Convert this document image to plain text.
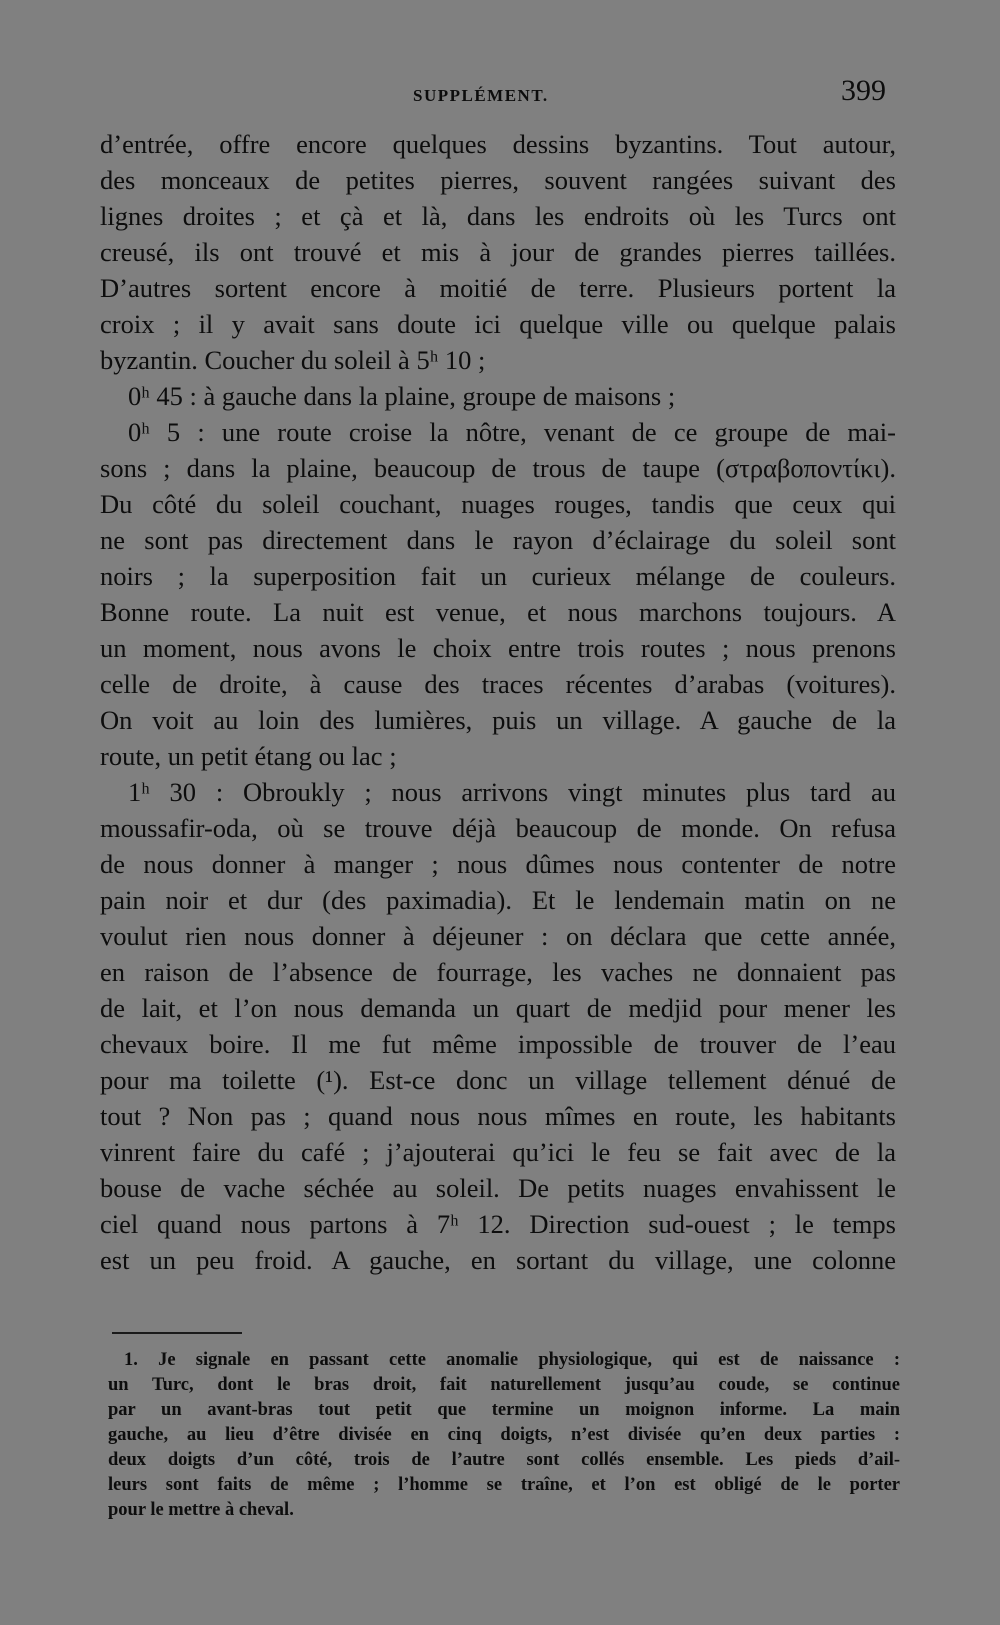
SUPPLÉMENT.	399
d’entrée, offre encore quelques dessins byzantins. Tout autour,
des monceaux de petites pierres, souvent rangées suivant des
lignes droites ; et çà et là, dans les endroits où les Turcs ont
creusé, ils ont trouvé et mis à jour de grandes pierres taillées.
D’autres sortent encore à moitié de terre. Plusieurs portent la
croix ; il y avait sans doute ici quelque ville ou quelque palais
byzantin. Coucher du soleil à 5ʰ 10 ;
0ʰ 45 : à gauche dans la plaine, groupe de maisons ;
0ʰ 5 : une route croise la nôtre, venant de ce groupe de mai-
sons ; dans la plaine, beaucoup de trous de taupe (στραβοποντίκι).
Du côté du soleil couchant, nuages rouges, tandis que ceux qui
ne sont pas directement dans le rayon d’éclairage du soleil sont
noirs ; la superposition fait un curieux mélange de couleurs.
Bonne route. La nuit est venue, et nous marchons toujours. A
un moment, nous avons le choix entre trois routes ; nous prenons
celle de droite, à cause des traces récentes d’arabas (voitures).
On voit au loin des lumières, puis un village. A gauche de la
route, un petit étang ou lac ;
1ʰ 30 : Obrouklу ; nous arrivons vingt minutes plus tard au
moussafir-oda, où se trouve déjà beaucoup de monde. On refusa
de nous donner à manger ; nous dûmes nous contenter de notre
pain noir et dur (des paximadia). Et le lendemain matin on ne
voulut rien nous donner à déjeuner : on déclara que cette année,
en raison de l’absence de fourrage, les vaches ne donnaient pas
de lait, et l’on nous demanda un quart de medjid pour mener les
chevaux boire. Il me fut même impossible de trouver de l’eau
pour ma toilette (¹). Est-ce donc un village tellement dénué de
tout ? Non pas ; quand nous nous mîmes en route, les habitants
vinrent faire du café ; j’ajouterai qu’ici le feu se fait avec de la
bouse de vache séchée au soleil. De petits nuages envahissent le
ciel quand nous partons à 7ʰ 12. Direction sud-ouest ; le temps
est un peu froid. A gauche, en sortant du village, une colonne
1. Je signale en passant cette anomalie physiologique, qui est de naissance :
un Turc, dont le bras droit, fait naturellement jusqu’au coude, se continue
par un avant-bras tout petit que termine un moignon informe. La main
gauche, au lieu d’être divisée en cinq doigts, n’est divisée qu’en deux parties :
deux doigts d’un côté, trois de l’autre sont collés ensemble. Les pieds d’ail-
leurs sont faits de même ; l’homme se traîne, et l’on est obligé de le porter
pour le mettre à cheval.
